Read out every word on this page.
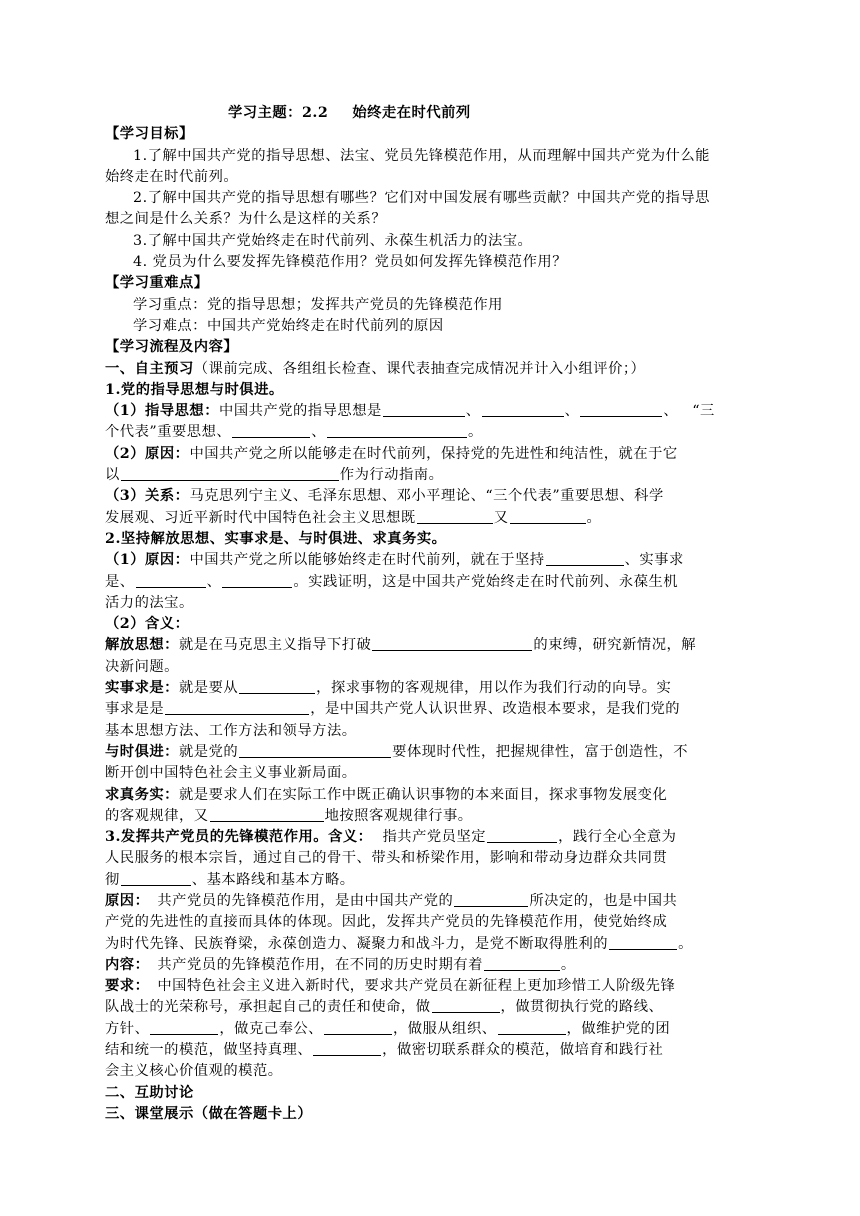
学习主题：2.2 始终走在时代前列
【学习目标】
1.了解中国共产党的指导思想、法宝、党员先锋模范作用，从而理解中国共产党为什么能
始终走在时代前列。
2.了解中国共产党的指导思想有哪些？它们对中国发展有哪些贡献？中国共产党的指导思
想之间是什么关系？为什么是这样的关系？
3.了解中国共产党始终走在时代前列、永葆生机活力的法宝。
4. 党员为什么要发挥先锋模范作用？党员如何发挥先锋模范作用？
【学习重难点】
学习重点：党的指导思想；发挥共产党员的先锋模范作用
学习难点：中国共产党始终走在时代前列的原因
【学习流程及内容】
一、自主预习（课前完成、各组组长检查、课代表抽查完成情况并计入小组评价；）
1.党的指导思想与时俱进。
（1）指导思想：中国共产党的指导思想是	、	、	、 “三
个代表”重要思想、	、	。
（2）原因：中国共产党之所以能够走在时代前列，保持党的先进性和纯洁性，就在于它
以	作为行动指南。
（3）关系：马克思列宁主义、毛泽东思想、邓小平理论、“三个代表”重要思想、科学
发展观、习近平新时代中国特色社会主义思想既	又	。
2.坚持解放思想、实事求是、与时俱进、求真务实。
（1）原因：中国共产党之所以能够始终走在时代前列，就在于坚持	、实事求
是、	、	。实践证明，这是中国共产党始终走在时代前列、永葆生机
活力的法宝。
（2）含义：
解放思想：就是在马克思主义指导下打破	的束缚，研究新情况，解
决新问题。
实事求是：就是要从	，探求事物的客观规律，用以作为我们行动的向导。实
事求是是	，是中国共产党人认识世界、改造根本要求，是我们党的
基本思想方法、工作方法和领导方法。
与时俱进：就是党的	要体现时代性，把握规律性，富于创造性，不
断开创中国特色社会主义事业新局面。
求真务实：就是要求人们在实际工作中既正确认识事物的本来面目，探求事物发展变化
的客观规律，又	地按照客观规律行事。
3.发挥共产党员的先锋模范作用。含义： 指共产党员坚定	，践行全心全意为
人民服务的根本宗旨，通过自己的骨干、带头和桥梁作用，影响和带动身边群众共同贯
彻	、基本路线和基本方略。
原因： 共产党员的先锋模范作用，是由中国共产党的	所决定的，也是中国共
产党的先进性的直接而具体的体现。因此，发挥共产党员的先锋模范作用，使党始终成
为时代先锋、民族脊梁，永葆创造力、凝聚力和战斗力，是党不断取得胜利的	。
内容： 共产党员的先锋模范作用，在不同的历史时期有着	。
要求： 中国特色社会主义进入新时代，要求共产党员在新征程上更加珍惜工人阶级先锋
队战士的光荣称号，承担起自己的责任和使命，做	，做贯彻执行党的路线、
方针、	，做克己奉公、	，做服从组织、	，做维护党的团
结和统一的模范，做坚持真理、	，做密切联系群众的模范，做培育和践行社
会主义核心价值观的模范。
二、互助讨论
三、课堂展示（做在答题卡上）
